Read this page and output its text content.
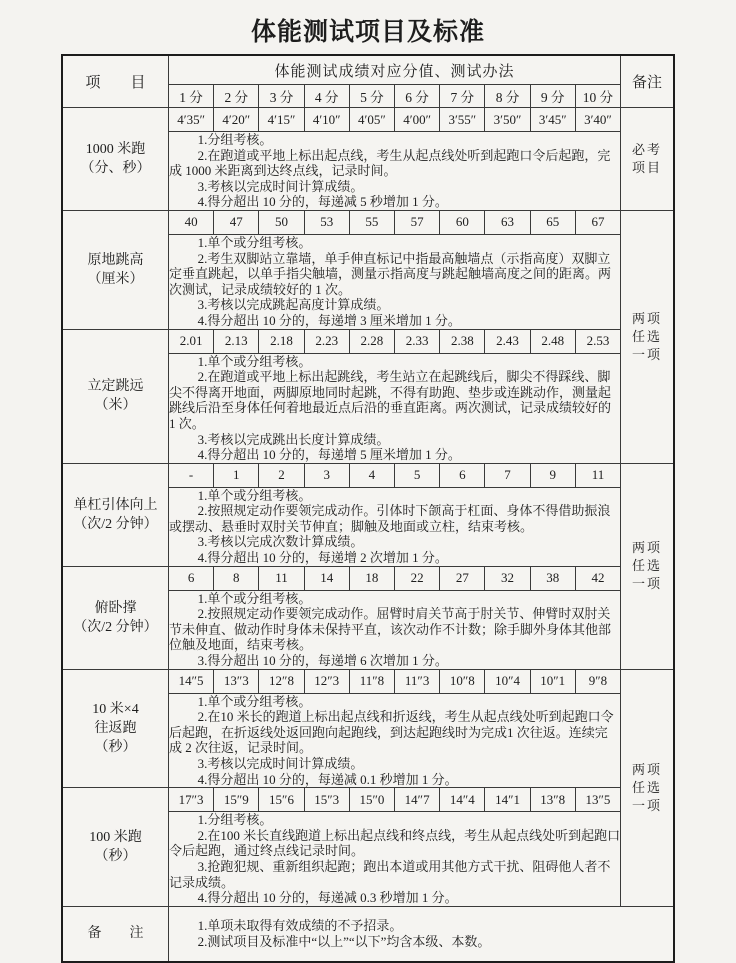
体能测试项目及标准
项　　目	体能测试成绩对应分值、测试办法										备注
	1 分	2 分	3 分	4 分	5 分	6 分	7 分	8 分	9 分	10 分	

1000 米跑
（分、秒）	4′35″	4′20″	4′15″	4′10″	4′05″	4′00″	3′55″	3′50″	3′45″	3′40″	必考项目

	1.分组考核。
2.在跑道或平地上标出起点线，考生从起点线处听到起跑口令后起跑，完成 1000 米距离到达终点线，记录时间。
3.考核以完成时间计算成绩。
4.得分超出 10 分的，每递减 5 秒增加 1 分。										

原地跳高
（厘米）	40	47	50	53	55	57	60	63	65	67	两项任选一项

	1.单个或分组考核。
2.考生双脚站立靠墙，单手伸直标记中指最高触墙点（示指高度）双脚立定垂直跳起，以单手指尖触墙，测量示指高度与跳起触墙高度之间的距离。两次测试，记录成绩较好的 1 次。
3.考核以完成跳起高度计算成绩。
4.得分超出 10 分的，每递增 3 厘米增加 1 分。										

立定跳远
（米）	2.01	2.13	2.18	2.23	2.28	2.33	2.38	2.43	2.48	2.53	

	1.单个或分组考核。
2.在跑道或平地上标出起跳线，考生站立在起跳线后，脚尖不得踩线、脚尖不得离开地面，两脚原地同时起跳，不得有助跑、垫步或连跳动作，测量起跳线后沿至身体任何着地最近点后沿的垂直距离。两次测试，记录成绩较好的 1 次。
3.考核以完成跳出长度计算成绩。
4.得分超出 10 分的，每递增 5 厘米增加 1 分。										

单杠引体向上
（次/2 分钟）	-	1	2	3	4	5	6	7	9	11	两项任选一项

	1.单个或分组考核。
2.按照规定动作要领完成动作。引体时下颌高于杠面、身体不得借助振浪或摆动、悬垂时双肘关节伸直；脚触及地面或立柱，结束考核。
3.考核以完成次数计算成绩。
4.得分超出 10 分的，每递增 2 次增加 1 分。										

俯卧撑
（次/2 分钟）	6	8	11	14	18	22	27	32	38	42	

	1.单个或分组考核。
2.按照规定动作要领完成动作。屈臂时肩关节高于肘关节、伸臂时双肘关节未伸直、做动作时身体未保持平直，该次动作不计数；除手脚外身体其他部位触及地面，结束考核。
3.得分超出 10 分的，每递增 6 次增加 1 分。										

10 米×4
往返跑
（秒）	14″5	13″3	12″8	12″3	11″8	11″3	10″8	10″4	10″1	9″8	两项任选一项

	1.单个或分组考核。
2.在10 米长的跑道上标出起点线和折返线，考生从起点线处听到起跑口令后起跑，在折返线处返回跑向起跑线，到达起跑线时为完成1 次往返。连续完成 2 次往返，记录时间。
3.考核以完成时间计算成绩。
4.得分超出 10 分的，每递减 0.1 秒增加 1 分。										

100 米跑
（秒）	17″3	15″9	15″6	15″3	15″0	14″7	14″4	14″1	13″8	13″5	

	1.分组考核。
2.在100 米长直线跑道上标出起点线和终点线，考生从起点线处听到起跑口令后起跑，通过终点线记录时间。
3.抢跑犯规、重新组织起跑；跑出本道或用其他方式干扰、阻碍他人者不记录成绩。
4.得分超出 10 分的，每递减 0.3 秒增加 1 分。										

备　　注	1.单项未取得有效成绩的不予招录。
2.测试项目及标准中“以上”“以下”均含本级、本数。										
